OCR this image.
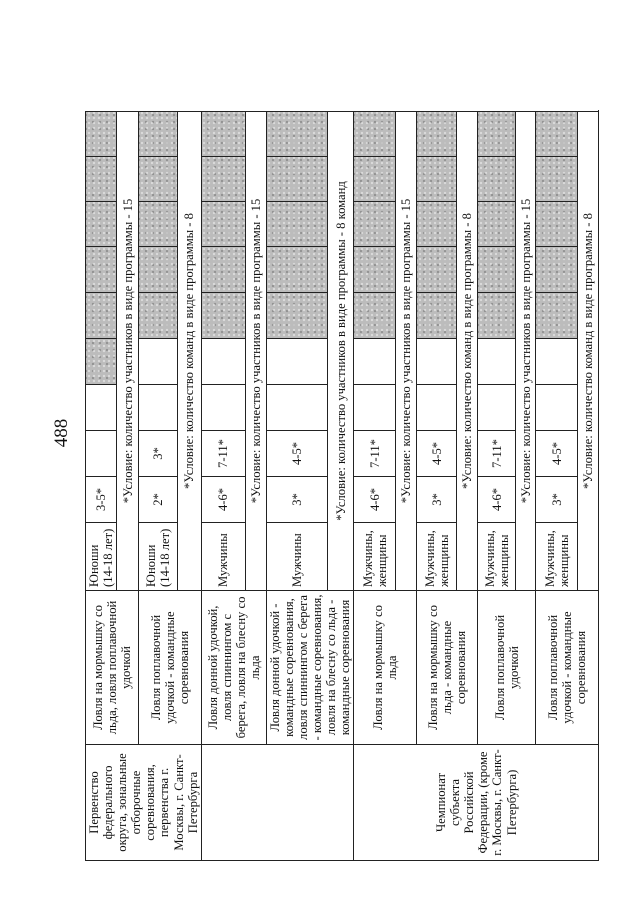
488
Первенство федерального округа, зональные отборочные соревнования, первенства г. Москвы, г. Санкт-Петербурга	Ловля на мормышку со льда, ловля поплавочной удочкой	Юноши (14-18 лет)	3-5*									
		*Условие: количество участников в виде программы - 15										
	Ловля поплавочной удочкой - командные соревнования	Юноши (14-18 лет)	2*	3*								
		*Условие: количество команд в виде программы - 8										
	Ловля донной удочкой, ловля спиннингом с берега, ловля на блесну со льда	Мужчины	4-6*	7-11*								
		*Условие: количество участников в виде программы - 15										
	Ловля донной удочкой - командные соревнования, ловля спиннингом с берега - командные соревнования, ловля на блесну со льда - командные соревнования	Мужчины	3*	4-5*								
		*Условие: количество участников в виде программы - 8 команд										
Чемпионат субъекта Российской Федерации, (кроме г. Москвы, г. Санкт-Петербурга)	Ловля на мормышку со льда	Мужчины, женщины	4-6*	7-11*								
		*Условие: количество участников в виде программы - 15										
	Ловля на мормышку со льда - командные соревнования	Мужчины, женщины	3*	4-5*								
		*Условие: количество команд в виде программы - 8										
	Ловля поплавочной удочкой	Мужчины, женщины	4-6*	7-11*								
		*Условие: количество участников в виде программы - 15										
	Ловля поплавочной удочкой - командные соревнования	Мужчины, женщины	3*	4-5*								
		*Условие: количество команд в виде программы - 8										
